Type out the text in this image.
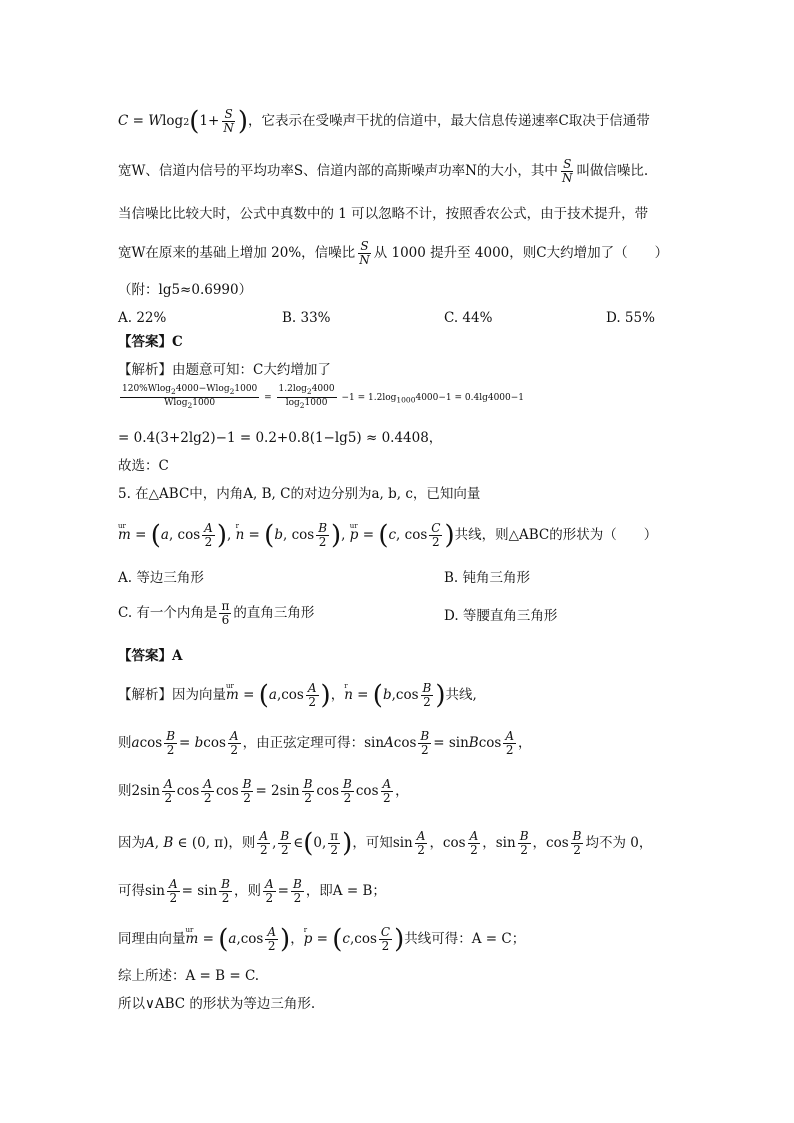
$C = Wlog2(1+ \frac{S}{N}$ )，它表示在受噪声干扰的信道中，最大信息传递速率C取决于信通带
宽W、信道内信号的平均功率S、信道内部的高斯噪声功率N的大小，其中 $\frac{S}{N}$ 叫做信噪比.
当信噪比比较大时，公式中真数中的 1 可以忽略不计，按照香农公式，由于技术提升，带
宽W在原来的基础上增加 20%，信噪比 $\frac{S}{N}$ 从 1000 提升至 4000，则C大约增加了（　　）
（附：lg5≈0.6990）
A. 22%	B. 33%	C. 44%	D. 55%
【答案】C
【解析】由题意可知：C大约增加了
$\frac{120\%Wlog_24000-Wlog_21000}{Wlog_21000} = \frac{1.2\log_24000}{\log_21000} -1 = 1.2\log_{1000}4000-1 = 0.4\lg 4000-1$
= 0.4(3+2lg2)−1 = 0.2+0.8(1−lg5) ≈ 0.4408，
故选：C
5. 在△ABC中，内角A, B, C的对边分别为a, b, c，已知向量
ur m = (a, $\cos \frac{A}{2}$ ), r n = (b, $\cos \frac{B}{2}$ ), ur p = (c, $\cos \frac{C}{2}$ )共线，则△ABC的形状为（　　）
A. 等边三角形	B. 钝角三角形
C. 有一个内角是 $\frac{\pi}{6}$ 的直角三角形	D. 等腰直角三角形
【答案】A
【解析】因为向量ur $m = (a,\cos \frac{A}{2}$ )，r $n = (b,\cos \frac{B}{2}$ )共线,
则acos $\frac{B}{2} = bcos \frac{A}{2}$ ，由正弦定理可得：sinAcos $\frac{B}{2}$ = sinBcos $\frac{A}{2}$ ，
则$2\sin \frac{A}{2}$ $\cos \frac{A}{2}$ $\cos \frac{B}{2} = 2\sin \frac{B}{2}$ $\cos \frac{B}{2}$ $\cos \frac{A}{2}$ ，
因为A, B ∈ (0, π)，则 $\frac{A}{2}$ , $\frac{B}{2}$ ∈(0, $\frac{\pi}{2}$ )，可知$\sin \frac{A}{2}$ ，$\cos \frac{A}{2}$ ，$\sin \frac{B}{2}$ ，$\cos \frac{B}{2}$ 均不为 0，
可得$\sin \frac{A}{2} = \sin \frac{B}{2}$ ，则 $\frac{A}{2} = \frac{B}{2}$ ，即A = B；
同理由向量ur $m = (a,\cos \frac{A}{2}$ )，r $p = (c,\cos \frac{C}{2}$ )共线可得：A = C；
综上所述：A = B = C.
所以∨ABC 的形状为等边三角形.
